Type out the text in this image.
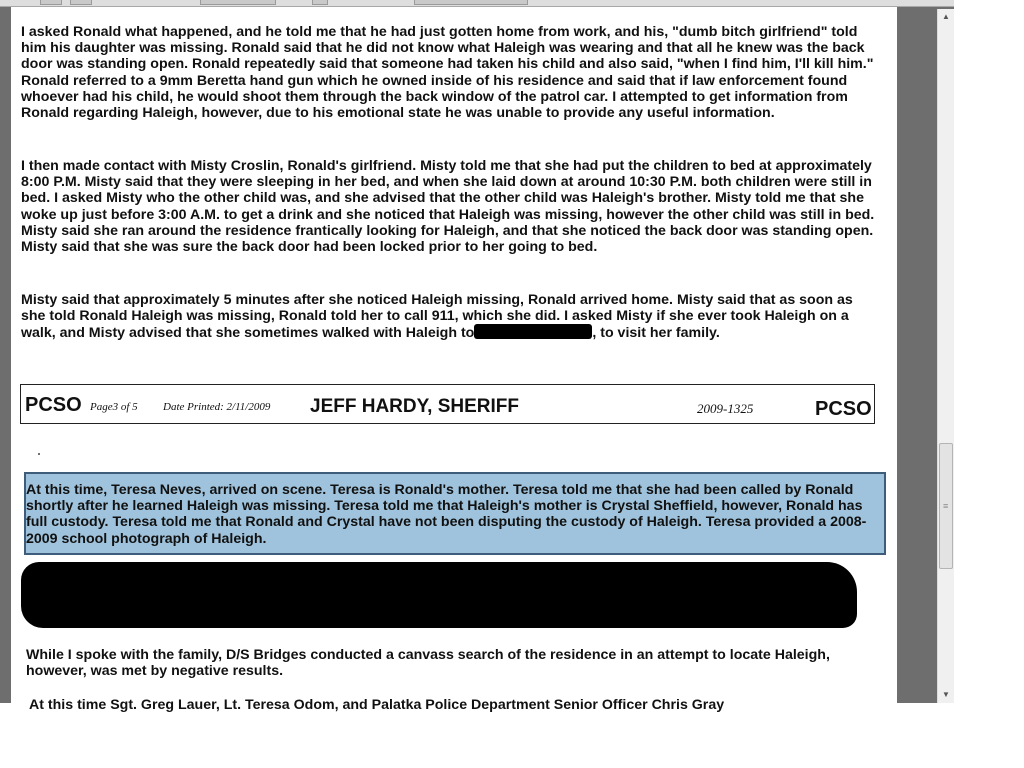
I asked Ronald what happened, and he told me that he had just gotten home from work, and his, "dumb bitch girlfriend" told him his daughter was missing. Ronald said that he did not know what Haleigh was wearing and that all he knew was the back door was standing open. Ronald repeatedly said that someone had taken his child and also said, "when I find him, I'll kill him." Ronald referred to a 9mm Beretta hand gun which he owned inside of his residence and said that if law enforcement found whoever had his child, he would shoot them through the back window of the patrol car. I attempted to get information from Ronald regarding Haleigh, however, due to his emotional state he was unable to provide any useful information.

I then made contact with Misty Croslin, Ronald's girlfriend. Misty told me that she had put the children to bed at approximately 8:00 P.M. Misty said that they were sleeping in her bed, and when she laid down at around 10:30 P.M. both children were still in bed. I asked Misty who the other child was, and she advised that the other child was Haleigh's brother. Misty told me that she woke up just before 3:00 A.M. to get a drink and she noticed that Haleigh was missing, however the other child was still in bed. Misty said she ran around the residence frantically looking for Haleigh, and that she noticed the back door was standing open. Misty said that she was sure the back door had been locked prior to her going to bed.

Misty said that approximately 5 minutes after she noticed Haleigh missing, Ronald arrived home. Misty said that as soon as she told Ronald Haleigh was missing, Ronald told her to call 911, which she did. I asked Misty if she ever took Haleigh on a walk, and Misty advised that she sometimes walked with Haleigh to	, to visit her family.

PCSO Page3 of 5 Date Printed: 2/11/2009 JEFF HARDY, SHERIFF	2009-1325	PCSO

At this time, Teresa Neves, arrived on scene. Teresa is Ronald's mother. Teresa told me that she had been called by Ronald shortly after he learned Haleigh was missing. Teresa told me that Haleigh's mother is Crystal Sheffield, however, Ronald has full custody. Teresa told me that Ronald and Crystal have not been disputing the custody of Haleigh. Teresa provided a 2008-2009 school photograph of Haleigh.

While I spoke with the family, D/S Bridges conducted a canvass search of the residence in an attempt to locate Haleigh, however, was met by negative results.

At this time Sgt. Greg Lauer, Lt. Teresa Odom, and Palatka Police Department Senior Officer Chris Gray
▲
≡
▼
